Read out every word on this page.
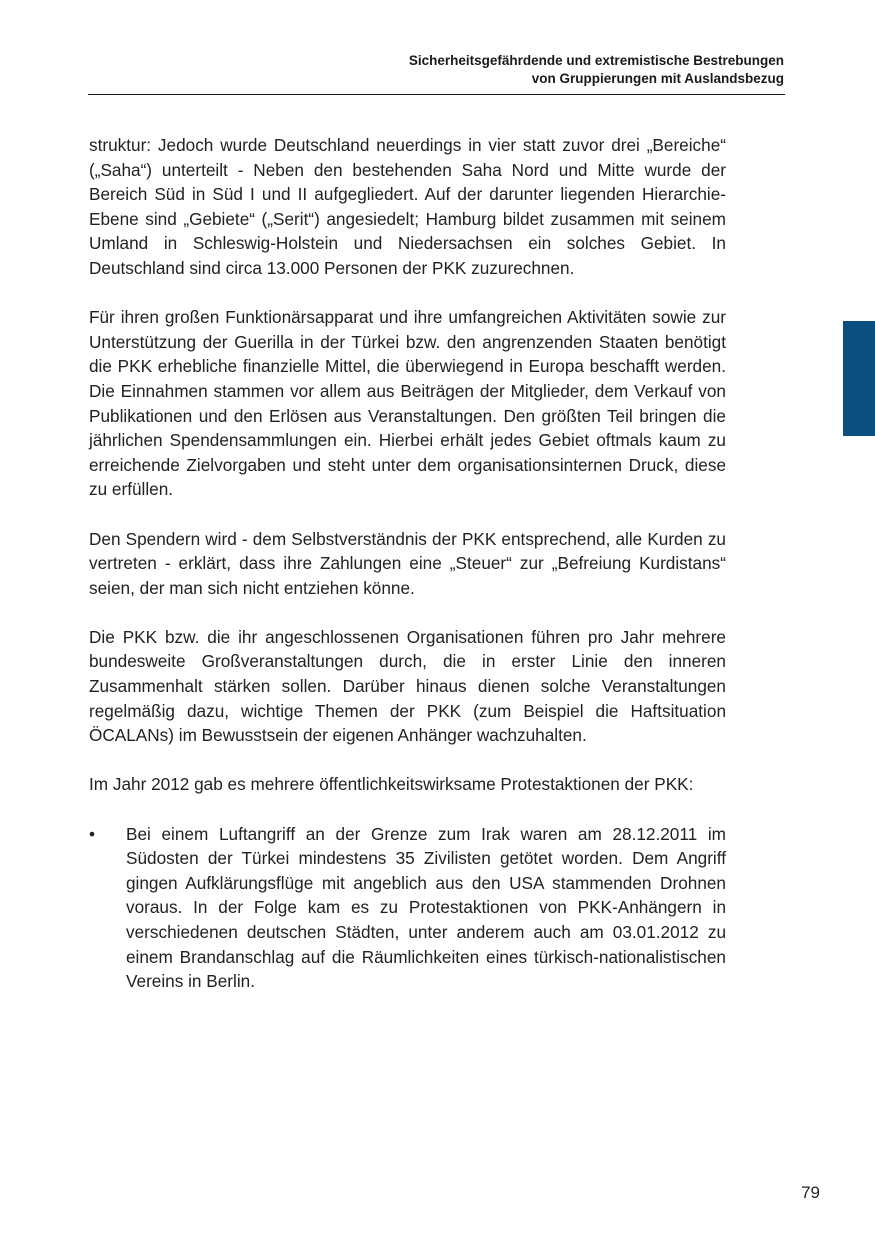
Sicherheitsgefährdende und extremistische Bestrebungen
von Gruppierungen mit Auslandsbezug

struktur: Jedoch wurde Deutschland neuerdings in vier statt zuvor drei „Bereiche“ („Saha“) unterteilt - Neben den bestehenden Saha Nord und Mitte wurde der Bereich Süd in Süd I und II aufgegliedert. Auf der darunter liegenden Hierarchie-Ebene sind „Gebiete“ („Serit“) angesiedelt; Hamburg bildet zusammen mit seinem Umland in Schleswig-Holstein und Niedersachsen ein solches Gebiet. In Deutschland sind circa 13.000 Personen der PKK zuzurechnen.

Für ihren großen Funktionärsapparat und ihre umfangreichen Aktivitäten sowie zur Unterstützung der Guerilla in der Türkei bzw. den angrenzenden Staaten benötigt die PKK erhebliche finanzielle Mittel, die überwiegend in Europa beschafft werden. Die Einnahmen stammen vor allem aus Beiträgen der Mitglieder, dem Verkauf von Publikationen und den Erlösen aus Veranstaltungen. Den größten Teil bringen die jährlichen Spendensammlungen ein. Hierbei erhält jedes Gebiet oftmals kaum zu erreichende Zielvorgaben und steht unter dem organisationsinternen Druck, diese zu erfüllen.

Den Spendern wird - dem Selbstverständnis der PKK entsprechend, alle Kurden zu vertreten - erklärt, dass ihre Zahlungen eine „Steuer“ zur „Befreiung Kurdistans“ seien, der man sich nicht entziehen könne.

Die PKK bzw. die ihr angeschlossenen Organisationen führen pro Jahr mehrere bundesweite Großveranstaltungen durch, die in erster Linie den inneren Zusammenhalt stärken sollen. Darüber hinaus dienen solche Veranstaltungen regelmäßig dazu, wichtige Themen der PKK (zum Beispiel die Haftsituation ÖCALANs) im Bewusstsein der eigenen Anhänger wachzuhalten.

Im Jahr 2012 gab es mehrere öffentlichkeitswirksame Protestaktionen der PKK:

• Bei einem Luftangriff an der Grenze zum Irak waren am 28.12.2011 im Südosten der Türkei mindestens 35 Zivilisten getötet worden. Dem Angriff gingen Aufklärungsflüge mit angeblich aus den USA stammenden Drohnen voraus. In der Folge kam es zu Protestaktionen von PKK-Anhängern in verschiedenen deutschen Städten, unter anderem auch am 03.01.2012 zu einem Brandanschlag auf die Räumlichkeiten eines türkisch-nationalistischen Vereins in Berlin.
79
